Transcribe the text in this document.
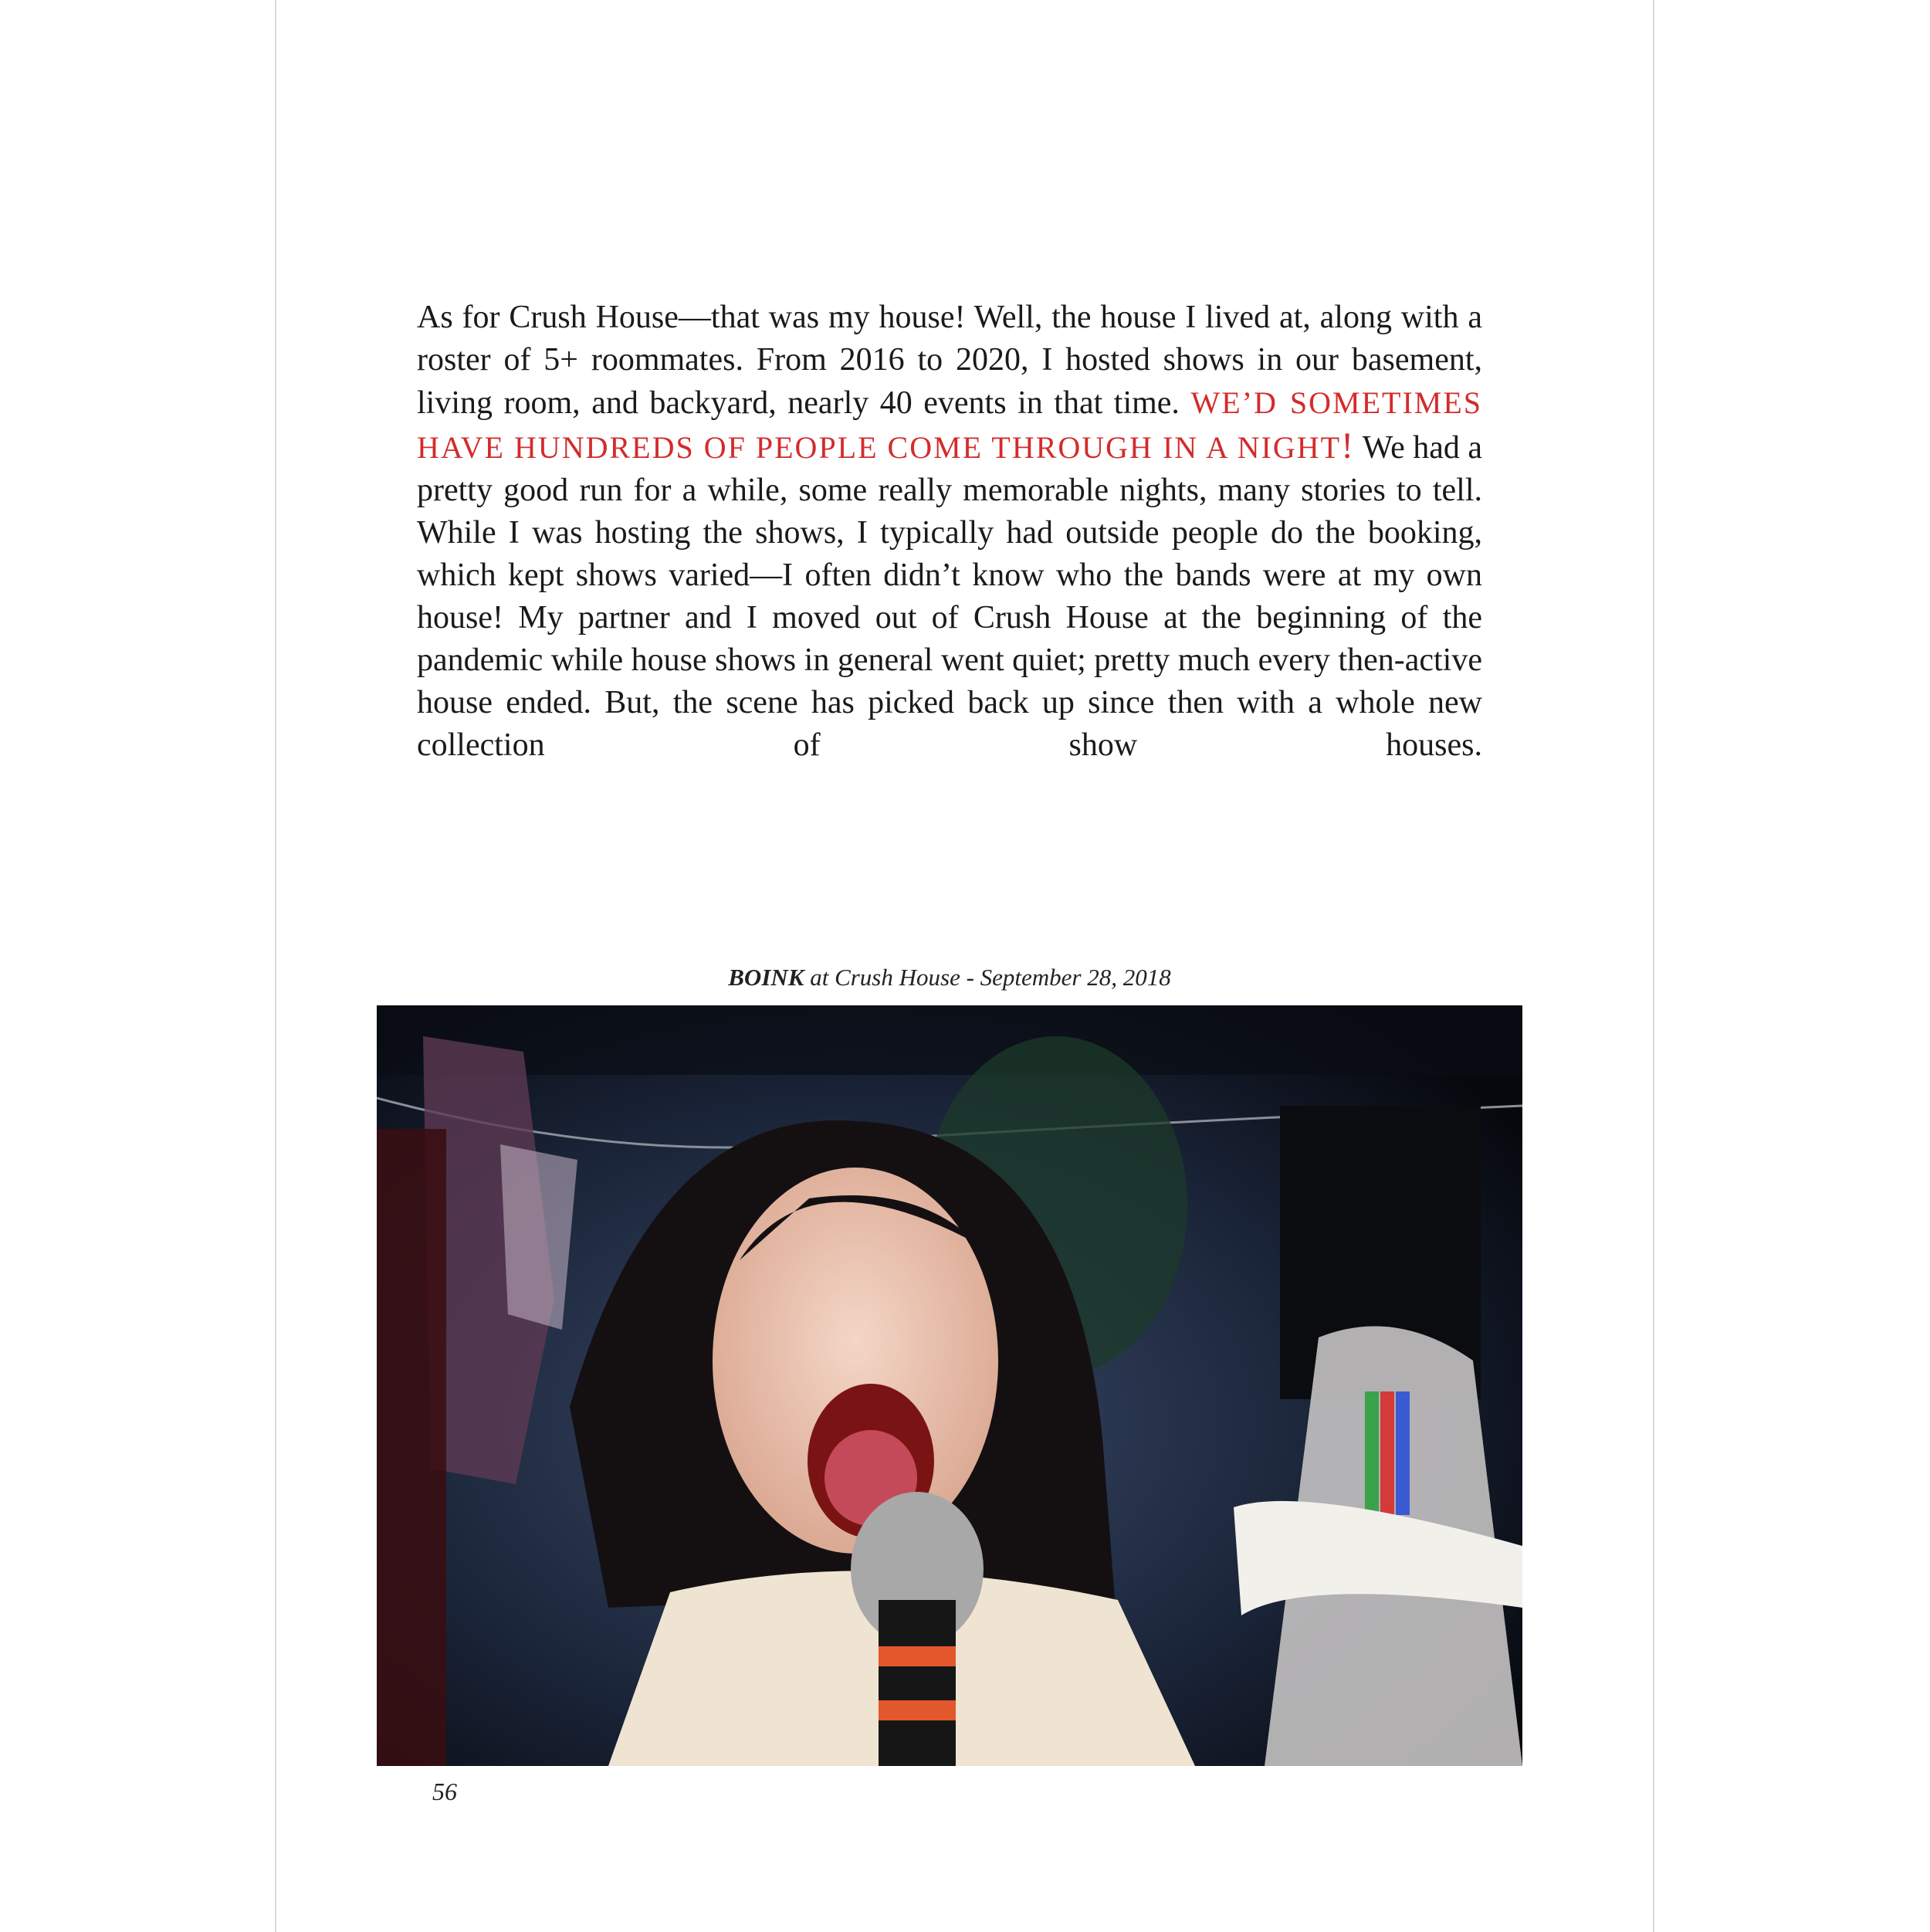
As for Crush House—that was my house! Well, the house I lived at, along with a roster of 5+ roommates. From 2016 to 2020, I hosted shows in our basement, living room, and backyard, nearly 40 events in that time. WE’D SOMETIMES HAVE HUNDREDS OF PEOPLE COME THROUGH IN A NIGHT! We had a pretty good run for a while, some really memorable nights, many stories to tell. While I was hosting the shows, I typically had outside people do the booking, which kept shows varied—I often didn’t know who the bands were at my own house! My partner and I moved out of Crush House at the beginning of the pandemic while house shows in general went quiet; pretty much every then-active house ended. But, the scene has picked back up since then with a whole new collection of show houses.

BOINK at Crush House - September 28, 2018

56
